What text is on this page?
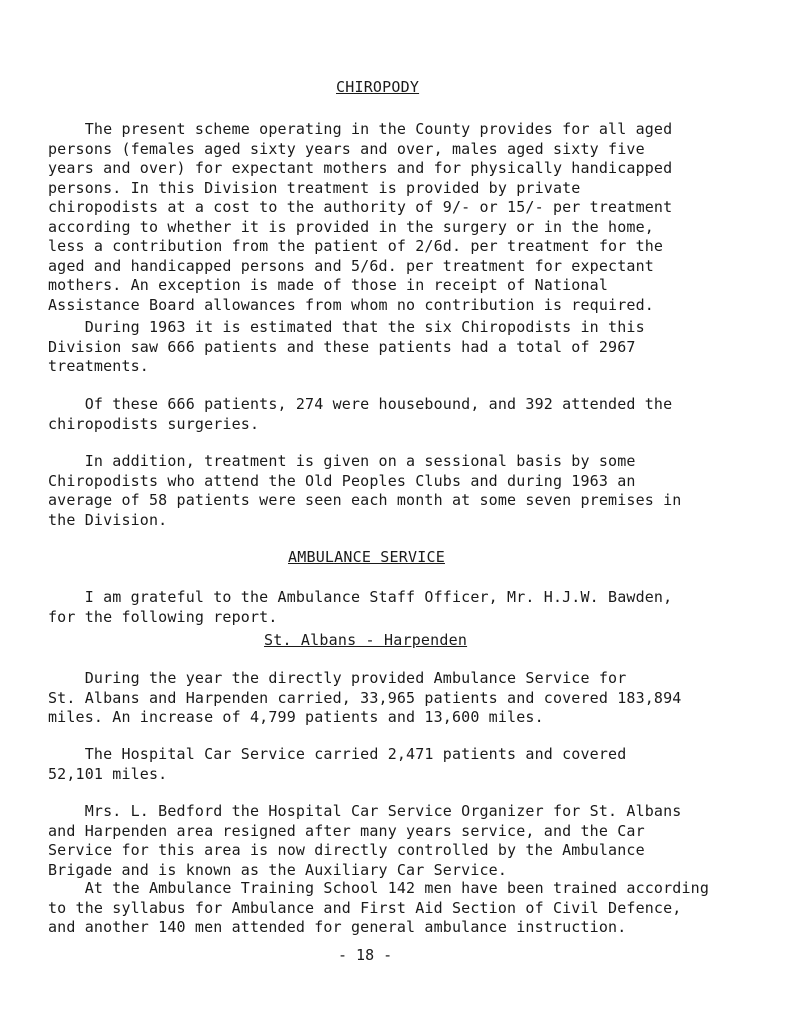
CHIROPODY
The present scheme operating in the County provides for all aged
persons (females aged sixty years and over, males aged sixty five
years and over) for expectant mothers and for physically handicapped
persons. In this Division treatment is provided by private
chiropodists at a cost to the authority of 9/- or 15/- per treatment
according to whether it is provided in the surgery or in the home,
less a contribution from the patient of 2/6d. per treatment for the
aged and handicapped persons and 5/6d. per treatment for expectant
mothers. An exception is made of those in receipt of National
Assistance Board allowances from whom no contribution is required.
During 1963 it is estimated that the six Chiropodists in this
Division saw 666 patients and these patients had a total of 2967
treatments.
Of these 666 patients, 274 were housebound, and 392 attended the
chiropodists surgeries.
In addition, treatment is given on a sessional basis by some
Chiropodists who attend the Old Peoples Clubs and during 1963 an
average of 58 patients were seen each month at some seven premises in
the Division.
AMBULANCE SERVICE
I am grateful to the Ambulance Staff Officer, Mr. H.J.W. Bawden,
for the following report.
St. Albans - Harpenden
During the year the directly provided Ambulance Service for
St. Albans and Harpenden carried, 33,965 patients and covered 183,894
miles. An increase of 4,799 patients and 13,600 miles.
The Hospital Car Service carried 2,471 patients and covered
52,101 miles.
Mrs. L. Bedford the Hospital Car Service Organizer for St. Albans
and Harpenden area resigned after many years service, and the Car
Service for this area is now directly controlled by the Ambulance
Brigade and is known as the Auxiliary Car Service.
At the Ambulance Training School 142 men have been trained according
to the syllabus for Ambulance and First Aid Section of Civil Defence,
and another 140 men attended for general ambulance instruction.
- 18 -
